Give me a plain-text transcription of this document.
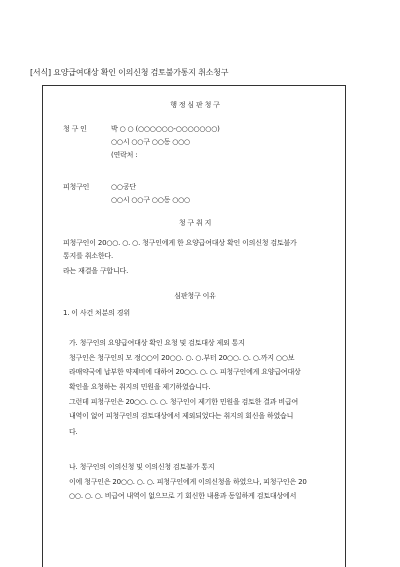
[서식] 요양급여대상 확인 이의신청 검토불가통지 취소청구
행 정 심 판 청 구
청 구 인	박 ○ ○ (○○○○○○-○○○○○○○)
○○시 ○○구 ○○동 ○○○
(연락처 :
피청구인	○○공단
○○시 ○○구 ○○동 ○○○
청 구 취 지
피청구인이 20○○. ○. ○. 청구인에게 한 요양급여대상 확인 이의신청 검토불가
통지를 취소한다.
라는 재결을 구합니다.
심판청구 이유
1. 이 사건 처분의 경위
가. 청구인의 요양급여대상 확인 요청 및 검토대상 제외 통지
청구인은 청구인의 모 정○○이 20○○. ○. ○.부터 20○○. ○. ○.까지 ○○보
라매약국에 납부한 약제비에 대하여 20○○. ○. ○. 피청구인에게 요양급여대상
확인을 요청하는 취지의 민원을 제기하였습니다.
그런데 피청구인은 20○○. ○. ○. 청구인이 제기한 민원을 검토한 결과 비급여
내역이 없어 피청구인의 검토대상에서 제외되었다는 취지의 회신을 하였습니
다.
나. 청구인의 이의신청 및 이의신청 검토불가 통지
이에 청구인은 20○○. ○. ○. 피청구인에게 이의신청을 하였으나, 피청구인은 20
○○. ○. ○. 비급여 내역이 없으므로 기 회신한 내용과 동일하게 검토대상에서
